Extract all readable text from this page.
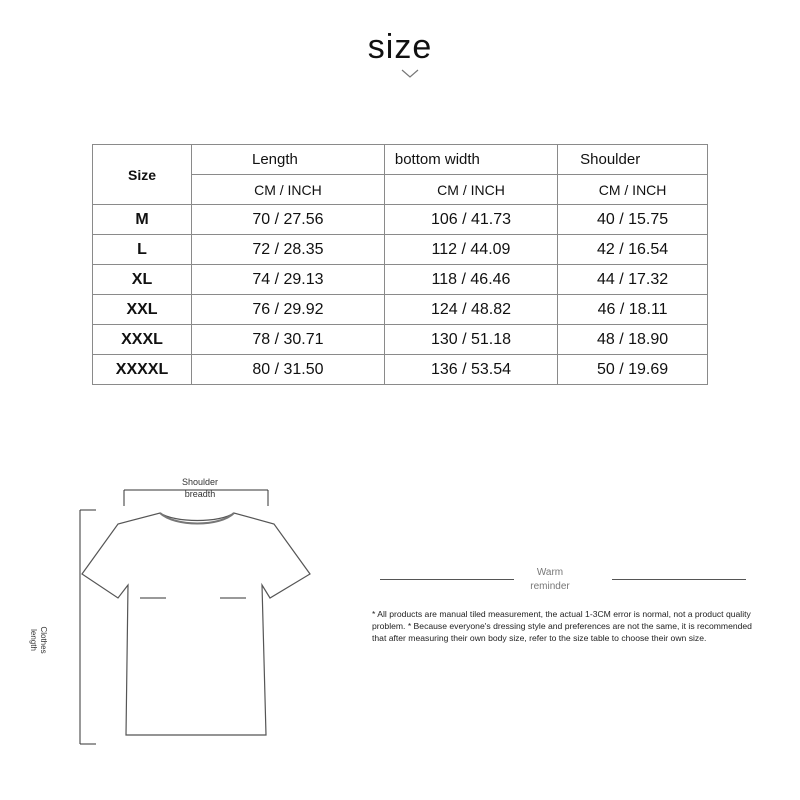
size
Size	Length	bottom width	Shoulder
	CM / INCH	CM / INCH	CM / INCH
M	70 / 27.56	106 / 41.73	40 / 15.75
L	72 / 28.35	112 / 44.09	42 / 16.54
XL	74 / 29.13	118 / 46.46	44 / 17.32
XXL	76 / 29.92	124 / 48.82	46 / 18.11
XXXL	78 / 30.71	130 / 51.18	48 / 18.90
XXXXL	80 / 31.50	136 / 53.54	50 / 19.69
Shoulder
breadth
Clothes
length
Warm
reminder
* All products are manual tiled measurement, the actual 1-3CM error is normal, not a product quality problem. * Because everyone's dressing style and preferences are not the same, it is recommended that after measuring their own body size, refer to the size table to choose their own size.
